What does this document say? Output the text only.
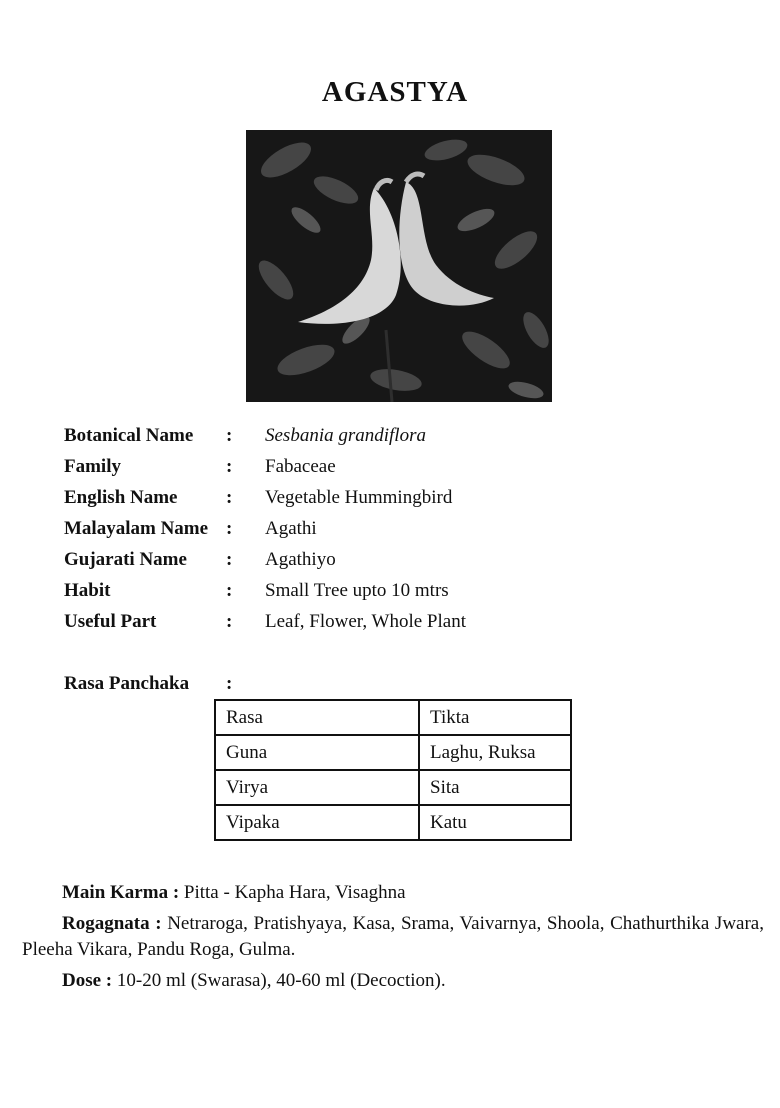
AGASTYA
Botanical Name : Sesbania grandiflora
Family	: Fabaceae
English Name	: Vegetable Hummingbird
Malayalam Name : Agathi
Gujarati Name : Agathiyo
Habit	: Small Tree upto 10 mtrs
Useful Part	: Leaf, Flower, Whole Plant
Rasa Panchaka :
Rasa	Tikta
Guna	Laghu, Ruksa
Virya	Sita
Vipaka	Katu

Main Karma : Pitta - Kapha Hara, Visaghna

Rogagnata : Netraroga, Pratishyaya, Kasa, Srama, Vaivarnya, Shoola, Chathurthika Jwara, Pleeha Vikara, Pandu Roga, Gulma.

Dose : 10-20 ml (Swarasa), 40-60 ml (Decoction).
